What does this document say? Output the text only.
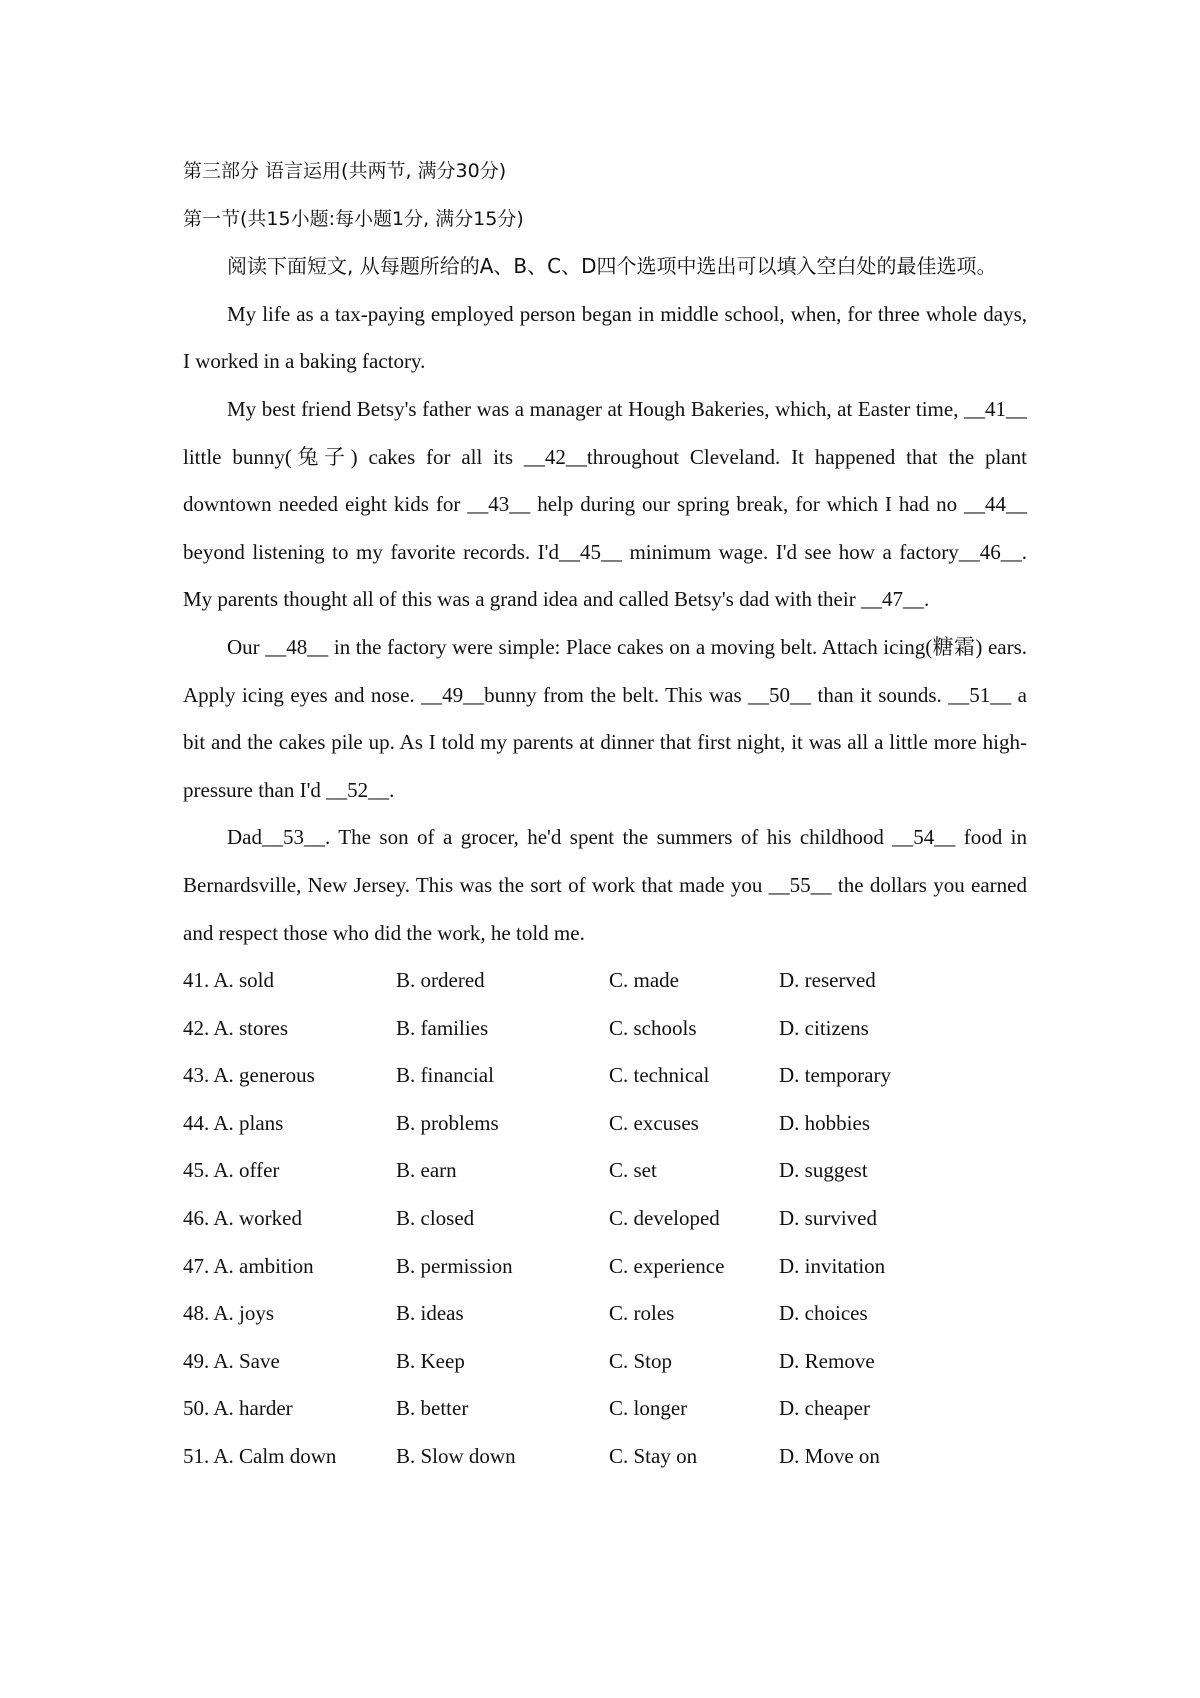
第三部分 语言运用(共两节, 满分30分)
第一节(共15小题:每小题1分, 满分15分)

阅读下面短文, 从每题所给的A、B、C、D四个选项中选出可以填入空白处的最佳选项。

My life as a tax-paying employed person began in middle school, when, for three whole days, I worked in a baking factory.

My best friend Betsy's father was a manager at Hough Bakeries, which, at Easter time, __41__ little bunny(兔子) cakes for all its __42__throughout Cleveland. It happened that the plant downtown needed eight kids for __43__ help during our spring break, for which I had no __44__ beyond listening to my favorite records. I'd__45__ minimum wage. I'd see how a factory__46__. My parents thought all of this was a grand idea and called Betsy's dad with their __47__.

Our __48__ in the factory were simple: Place cakes on a moving belt. Attach icing(糖霜) ears. Apply icing eyes and nose. __49__bunny from the belt. This was __50__ than it sounds. __51__ a bit and the cakes pile up. As I told my parents at dinner that first night, it was all a little more high-pressure than I'd __52__.

Dad__53__. The son of a grocer, he'd spent the summers of his childhood __54__ food in Bernardsville, New Jersey. This was the sort of work that made you __55__ the dollars you earned and respect those who did the work, he told me.

41. A. sold	B. ordered	C. made	D. reserved
42. A. stores	B. families	C. schools	D. citizens
43. A. generous	B. financial	C. technical	D. temporary
44. A. plans	B. problems	C. excuses	D. hobbies
45. A. offer	B. earn	C. set	D. suggest
46. A. worked	B. closed	C. developed	D. survived
47. A. ambition	B. permission	C. experience	D. invitation
48. A. joys	B. ideas	C. roles	D. choices
49. A. Save	B. Keep	C. Stop	D. Remove
50. A. harder	B. better	C. longer	D. cheaper
51. A. Calm down	B. Slow down	C. Stay on	D. Move on
